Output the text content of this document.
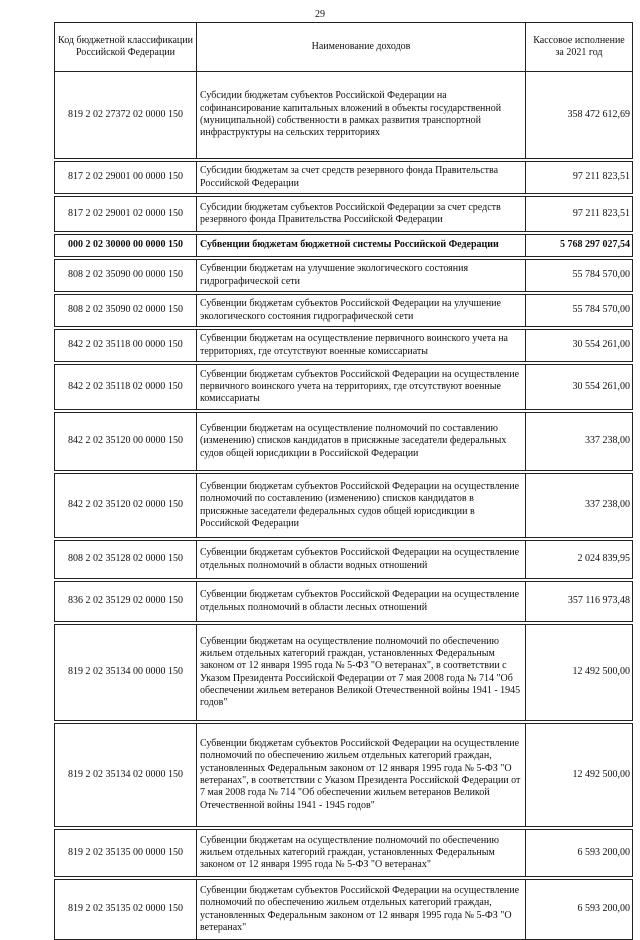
29
Код бюджетной классификации Российской Федерации	Наименование доходов	Кассовое исполнение за 2021 год
819 2 02 27372 02 0000 150	Субсидии бюджетам субъектов Российской Федерации на софинансирование капитальных вложений в объекты государственной (муниципальной) собственности в рамках развития транспортной инфраструктуры на сельских территориях	358 472 612,69

817 2 02 29001 00 0000 150	Субсидии бюджетам за счет средств резервного фонда Правительства Российской Федерации	97 211 823,51

817 2 02 29001 02 0000 150	Субсидии бюджетам субъектов Российской Федерации за счет средств резервного фонда Правительства Российской Федерации	97 211 823,51

000 2 02 30000 00 0000 150	Субвенции бюджетам бюджетной системы Российской Федерации	5 768 297 027,54

808 2 02 35090 00 0000 150	Субвенции бюджетам на улучшение экологического состояния гидрографической сети	55 784 570,00

808 2 02 35090 02 0000 150	Субвенции бюджетам субъектов Российской Федерации на улучшение экологического состояния гидрографической сети	55 784 570,00

842 2 02 35118 00 0000 150	Субвенции бюджетам на осуществление первичного воинского учета на территориях, где отсутствуют военные комиссариаты	30 554 261,00

842 2 02 35118 02 0000 150	Субвенции бюджетам субъектов Российской Федерации на осуществление первичного воинского учета на территориях, где отсутствуют военные комиссариаты	30 554 261,00

842 2 02 35120 00 0000 150	Субвенции бюджетам на осуществление полномочий по составлению (изменению) списков кандидатов в присяжные заседатели федеральных судов общей юрисдикции в Российской Федерации	337 238,00

842 2 02 35120 02 0000 150	Субвенции бюджетам субъектов Российской Федерации на осуществление полномочий по составлению (изменению) списков кандидатов в присяжные заседатели федеральных судов общей юрисдикции в Российской Федерации	337 238,00

808 2 02 35128 02 0000 150	Субвенции бюджетам субъектов Российской Федерации на осуществление отдельных полномочий в области водных отношений	2 024 839,95

836 2 02 35129 02 0000 150	Субвенции бюджетам субъектов Российской Федерации на осуществление отдельных полномочий в области лесных отношений	357 116 973,48

819 2 02 35134 00 0000 150	Субвенции бюджетам на осуществление полномочий по обеспечению жильем отдельных категорий граждан, установленных Федеральным законом от 12 января 1995 года № 5-ФЗ "О ветеранах", в соответствии с Указом Президента Российской Федерации от 7 мая 2008 года № 714 "Об обеспечении жильем ветеранов Великой Отечественной войны 1941 - 1945 годов"	12 492 500,00

819 2 02 35134 02 0000 150	Субвенции бюджетам субъектов Российской Федерации на осуществление полномочий по обеспечению жильем отдельных категорий граждан, установленных Федеральным законом от 12 января 1995 года № 5-ФЗ "О ветеранах", в соответствии с Указом Президента Российской Федерации от 7 мая 2008 года № 714 "Об обеспечении жильем ветеранов Великой Отечественной войны 1941 - 1945 годов"	12 492 500,00

819 2 02 35135 00 0000 150	Субвенции бюджетам на осуществление полномочий по обеспечению жильем отдельных категорий граждан, установленных Федеральным законом от 12 января 1995 года № 5-ФЗ "О ветеранах"	6 593 200,00

819 2 02 35135 02 0000 150	Субвенции бюджетам субъектов Российской Федерации на осуществление полномочий по обеспечению жильем отдельных категорий граждан, установленных Федеральным законом от 12 января 1995 года № 5-ФЗ "О ветеранах"	6 593 200,00
